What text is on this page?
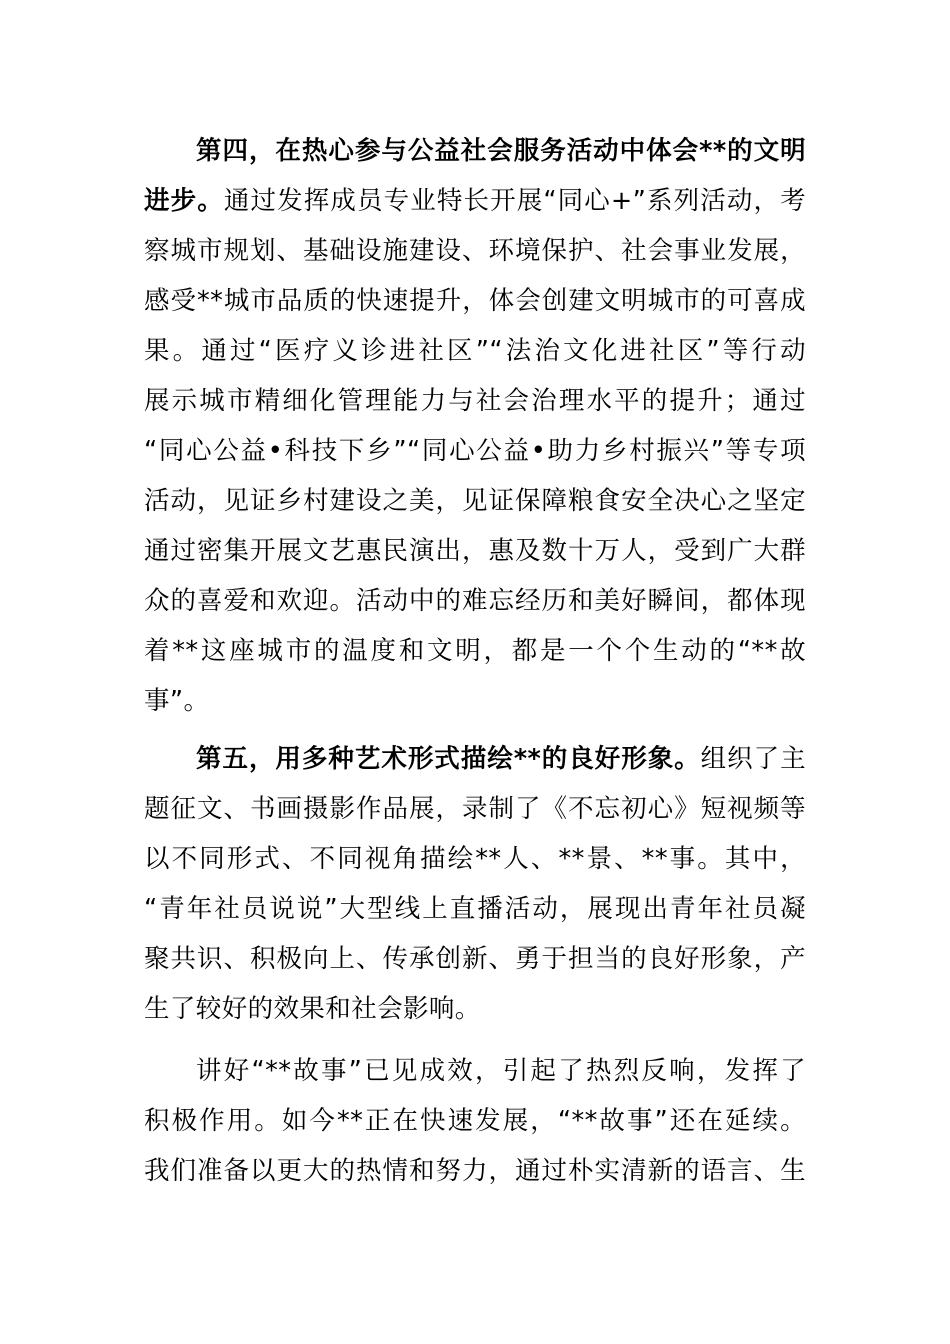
第四，在热心参与公益社会服务活动中体会**的文明
进步。通过发挥成员专业特长开展“同心+”系列活动，考
察城市规划、基础设施建设、环境保护、社会事业发展，
感受**城市品质的快速提升，体会创建文明城市的可喜成
果。通过“医疗义诊进社区”“法治文化进社区”等行动
展示城市精细化管理能力与社会治理水平的提升；通过
“同心公益•科技下乡”“同心公益•助力乡村振兴”等专项
活动，见证乡村建设之美，见证保障粮食安全决心之坚定
通过密集开展文艺惠民演出，惠及数十万人，受到广大群
众的喜爱和欢迎。活动中的难忘经历和美好瞬间，都体现
着**这座城市的温度和文明，都是一个个生动的“**故
事”。
第五，用多种艺术形式描绘**的良好形象。组织了主
题征文、书画摄影作品展，录制了《不忘初心》短视频等
以不同形式、不同视角描绘**人、**景、**事。其中，
“青年社员说说”大型线上直播活动，展现出青年社员凝
聚共识、积极向上、传承创新、勇于担当的良好形象，产
生了较好的效果和社会影响。
讲好“**故事”已见成效，引起了热烈反响，发挥了
积极作用。如今**正在快速发展，“**故事”还在延续。
我们准备以更大的热情和努力，通过朴实清新的语言、生
